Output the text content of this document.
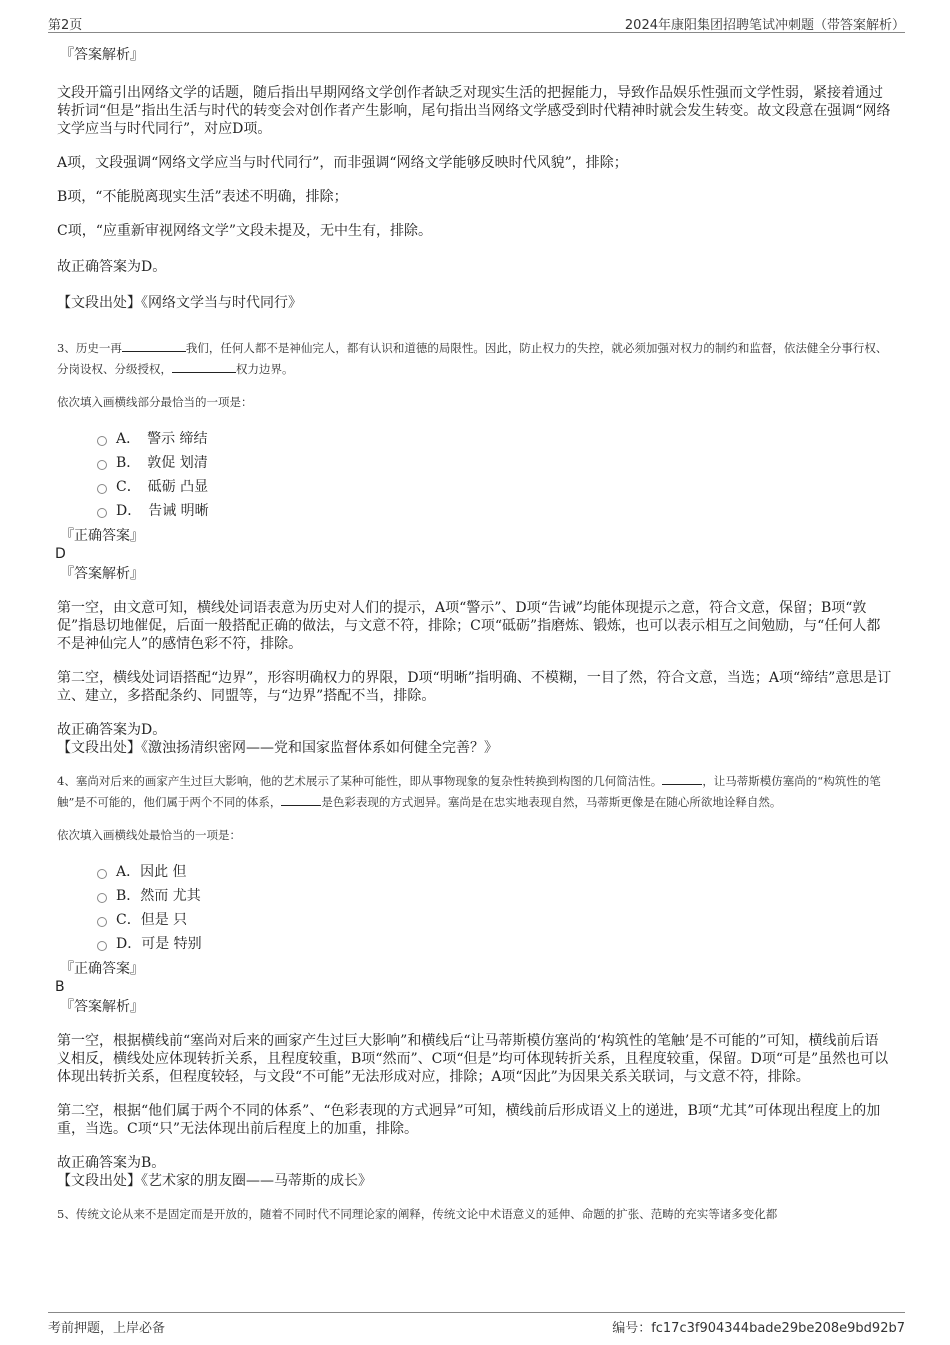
第2页	2024年康阳集团招聘笔试冲刺题（带答案解析）
『答案解析』

文段开篇引出网络文学的话题，随后指出早期网络文学创作者缺乏对现实生活的把握能力，导致作品娱乐性强而文学性弱，紧接着通过转折词“但是”指出生活与时代的转变会对创作者产生影响，尾句指出当网络文学感受到时代精神时就会发生转变。故文段意在强调“网络文学应当与时代同行”，对应D项。

A项，文段强调“网络文学应当与时代同行”，而非强调“网络文学能够反映时代风貌”，排除；

B项，“不能脱离现实生活”表述不明确，排除；

C项，“应重新审视网络文学”文段未提及，无中生有，排除。

故正确答案为D。

【文段出处】《网络文学当与时代同行》

3、历史一再	我们，任何人都不是神仙完人，都有认识和道德的局限性。因此，防止权力的失控，就必须加强对权力的制约和监督，依法健全分事行权、分岗设权、分级授权，	权力边界。

依次填入画横线部分最恰当的一项是：

A．　警示 缔结
B．　敦促 划清
C．　砥砺 凸显
D．　告诫 明晰
『正确答案』
D
『答案解析』

第一空，由文意可知，横线处词语表意为历史对人们的提示，A项“警示”、D项“告诫”均能体现提示之意，符合文意，保留；B项“敦促”指恳切地催促，后面一般搭配正确的做法，与文意不符，排除；C项“砥砺”指磨炼、锻炼，也可以表示相互之间勉励，与“任何人都不是神仙完人”的感情色彩不符，排除。

第二空，横线处词语搭配“边界”，形容明确权力的界限，D项“明晰”指明确、不模糊，一目了然，符合文意，当选；A项“缔结”意思是订立、建立，多搭配条约、同盟等，与“边界”搭配不当，排除。

故正确答案为D。

【文段出处】《激浊扬清织密网——党和国家监督体系如何健全完善？》

4、塞尚对后来的画家产生过巨大影响，他的艺术展示了某种可能性，即从事物现象的复杂性转换到构图的几何简洁性。	，让马蒂斯模仿塞尚的“构筑性的笔触”是不可能的，他们属于两个不同的体系，	是色彩表现的方式迥异。塞尚是在忠实地表现自然，马蒂斯更像是在随心所欲地诠释自然。

依次填入画横线处最恰当的一项是：

A．因此 但
B．然而 尤其
C．但是 只
D．可是 特别
『正确答案』
B
『答案解析』

第一空，根据横线前“塞尚对后来的画家产生过巨大影响”和横线后“让马蒂斯模仿塞尚的‘构筑性的笔触’是不可能的”可知，横线前后语义相反，横线处应体现转折关系，且程度较重，B项“然而”、C项“但是”均可体现转折关系，且程度较重，保留。D项“可是”虽然也可以体现出转折关系，但程度较轻，与文段“不可能”无法形成对应，排除；A项“因此”为因果关系关联词，与文意不符，排除。

第二空，根据“他们属于两个不同的体系”、“色彩表现的方式迥异”可知，横线前后形成语义上的递进，B项“尤其”可体现出程度上的加重，当选。C项“只”无法体现出前后程度上的加重，排除。

故正确答案为B。

【文段出处】《艺术家的朋友圈——马蒂斯的成长》

5、传统文论从来不是固定而是开放的，随着不同时代不同理论家的阐释，传统文论中术语意义的延伸、命题的扩张、范畴的充实等诸多变化都

考前押题，上岸必备	编号：fc17c3f904344bade29be208e9bd92b7
